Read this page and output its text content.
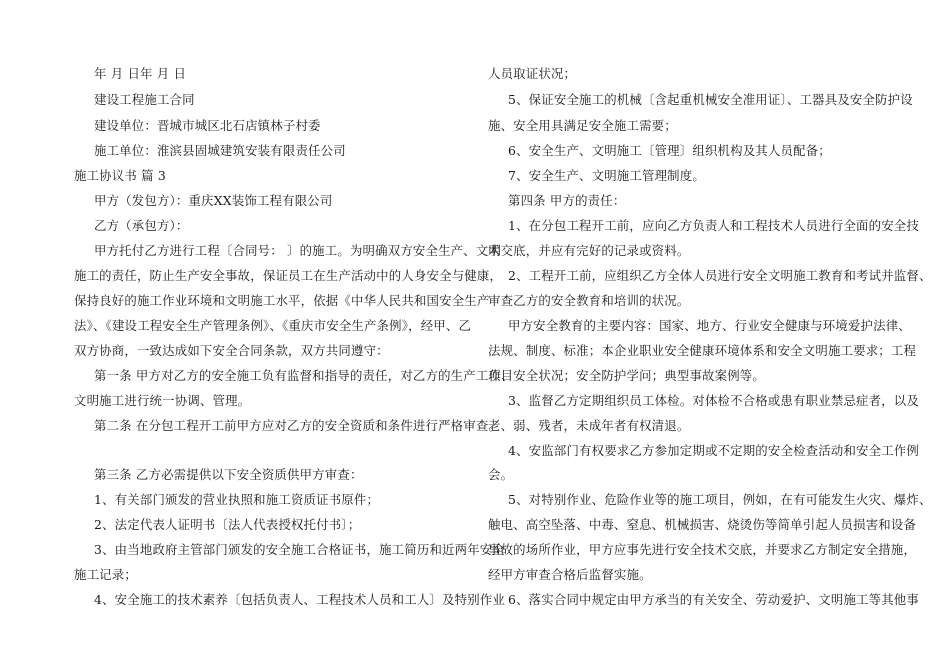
年 月 日年 月 日
建设工程施工合同
建设单位：晋城市城区北石店镇林子村委
施工单位：淮滨县固城建筑安装有限责任公司
施工协议书 篇 3
甲方（发包方）：重庆XX装饰工程有限公司
乙方（承包方）：
甲方托付乙方进行工程〔合同号： 〕的施工。为明确双方安全生产、文明
施工的责任，防止生产安全事故，保证员工在生产活动中的人身安全与健康，
保持良好的施工作业环境和文明施工水平，依据《中华人民共和国安全生产
法》、《建设工程安全生产管理条例》、《重庆市安全生产条例》，经甲、乙
双方协商，一致达成如下安全合同条款，双方共同遵守：
第一条 甲方对乙方的安全施工负有监督和指导的责任，对乙方的生产工作、
文明施工进行统一协调、管理。
第二条 在分包工程开工前甲方应对乙方的安全资质和条件进行严格审查。
第三条 乙方必需提供以下安全资质供甲方审查：
1、有关部门颁发的营业执照和施工资质证书原件；
2、法定代表人证明书〔法人代表授权托付书〕；
3、由当地政府主管部门颁发的安全施工合格证书，施工简历和近两年安全
施工记录；
4、安全施工的技术素养〔包括负责人、工程技术人员和工人〕及特别作业
人员取证状况；
5、保证安全施工的机械〔含起重机械安全准用证〕、工器具及安全防护设
施、安全用具满足安全施工需要；
6、安全生产、文明施工〔管理〕组织机构及其人员配备；
7、安全生产、文明施工管理制度。
第四条 甲方的责任：
1、在分包工程开工前，应向乙方负责人和工程技术人员进行全面的安全技
术交底，并应有完好的记录或资料。
2、工程开工前，应组织乙方全体人员进行安全文明施工教育和考试并监督、
审查乙方的安全教育和培训的状况。
甲方安全教育的主要内容：国家、地方、行业安全健康与环境爱护法律、
法规、制度、标准；本企业职业安全健康环境体系和安全文明施工要求；工程
项目安全状况；安全防护学问；典型事故案例等。
3、监督乙方定期组织员工体检。对体检不合格或患有职业禁忌症者，以及
老、弱、残者，未成年者有权清退。
4、安监部门有权要求乙方参加定期或不定期的安全检查活动和安全工作例
会。
5、对特别作业、危险作业等的施工项目，例如，在有可能发生火灾、爆炸、
触电、高空坠落、中毒、窒息、机械损害、烧烫伤等简单引起人员损害和设备
事故的场所作业，甲方应事先进行安全技术交底，并要求乙方制定安全措施，
经甲方审查合格后监督实施。
6、落实合同中规定由甲方承当的有关安全、劳动爱护、文明施工等其他事
